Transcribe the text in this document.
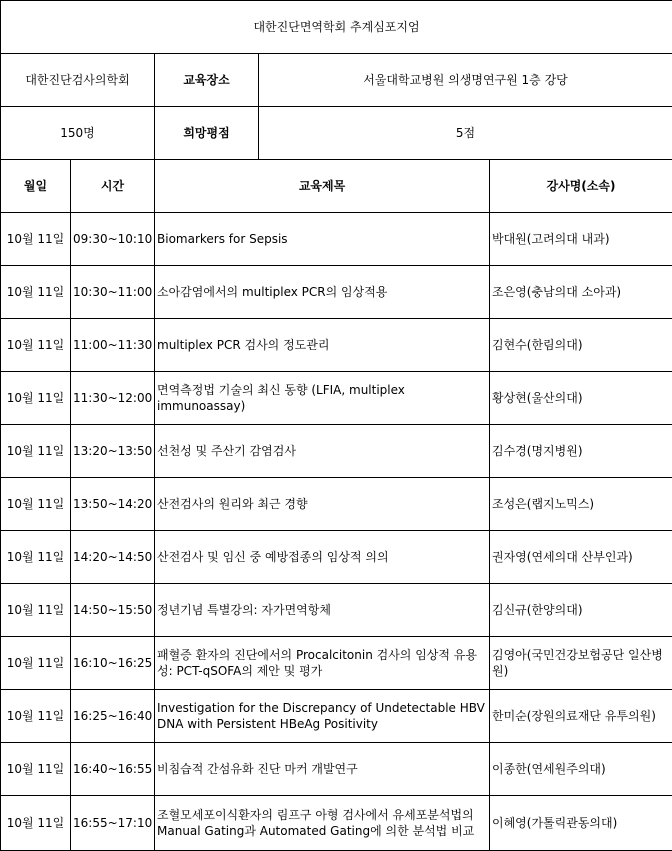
대한진단면역학회 추계심포지엄				
대한진단검사의학회		교육장소	서울대학교병원 의생명연구원 1층 강당	
150명		희망평점	5점	
월일	시간	교육제목		강사명(소속)
10월 11일	09:30~10:10	Biomarkers for Sepsis		박대원(고려의대 내과)
10월 11일	10:30~11:00	소아감염에서의 multiplex PCR의 임상적용		조은영(충남의대 소아과)
10월 11일	11:00~11:30	multiplex PCR 검사의 정도관리		김현수(한림의대)
10월 11일	11:30~12:00	면역측정법 기술의 최신 동향 (LFIA, multiplex immunoassay)		황상현(울산의대)
10월 11일	13:20~13:50	선천성 및 주산기 감염검사		김수경(명지병원)
10월 11일	13:50~14:20	산전검사의 원리와 최근 경향		조성은(랩지노믹스)
10월 11일	14:20~14:50	산전검사 및 임신 중 예방접종의 임상적 의의		권자영(연세의대 산부인과)
10월 11일	14:50~15:50	정년기념 특별강의: 자가면역항체		김신규(한양의대)
10월 11일	16:10~16:25	패혈증 환자의 진단에서의 Procalcitonin 검사의 임상적 유용성: PCT-qSOFA의 제안 및 평가		김영아(국민건강보험공단 일산병원)
10월 11일	16:25~16:40	Investigation for the Discrepancy of Undetectable HBV DNA with Persistent HBeAg Positivity		한미순(장원의료재단 유투의원)
10월 11일	16:40~16:55	비침습적 간섬유화 진단 마커 개발연구		이종한(연세원주의대)
10월 11일	16:55~17:10	조혈모세포이식환자의 림프구 아형 검사에서 유세포분석법의 Manual Gating과 Automated Gating에 의한 분석법 비교		이혜영(가톨릭관동의대)
